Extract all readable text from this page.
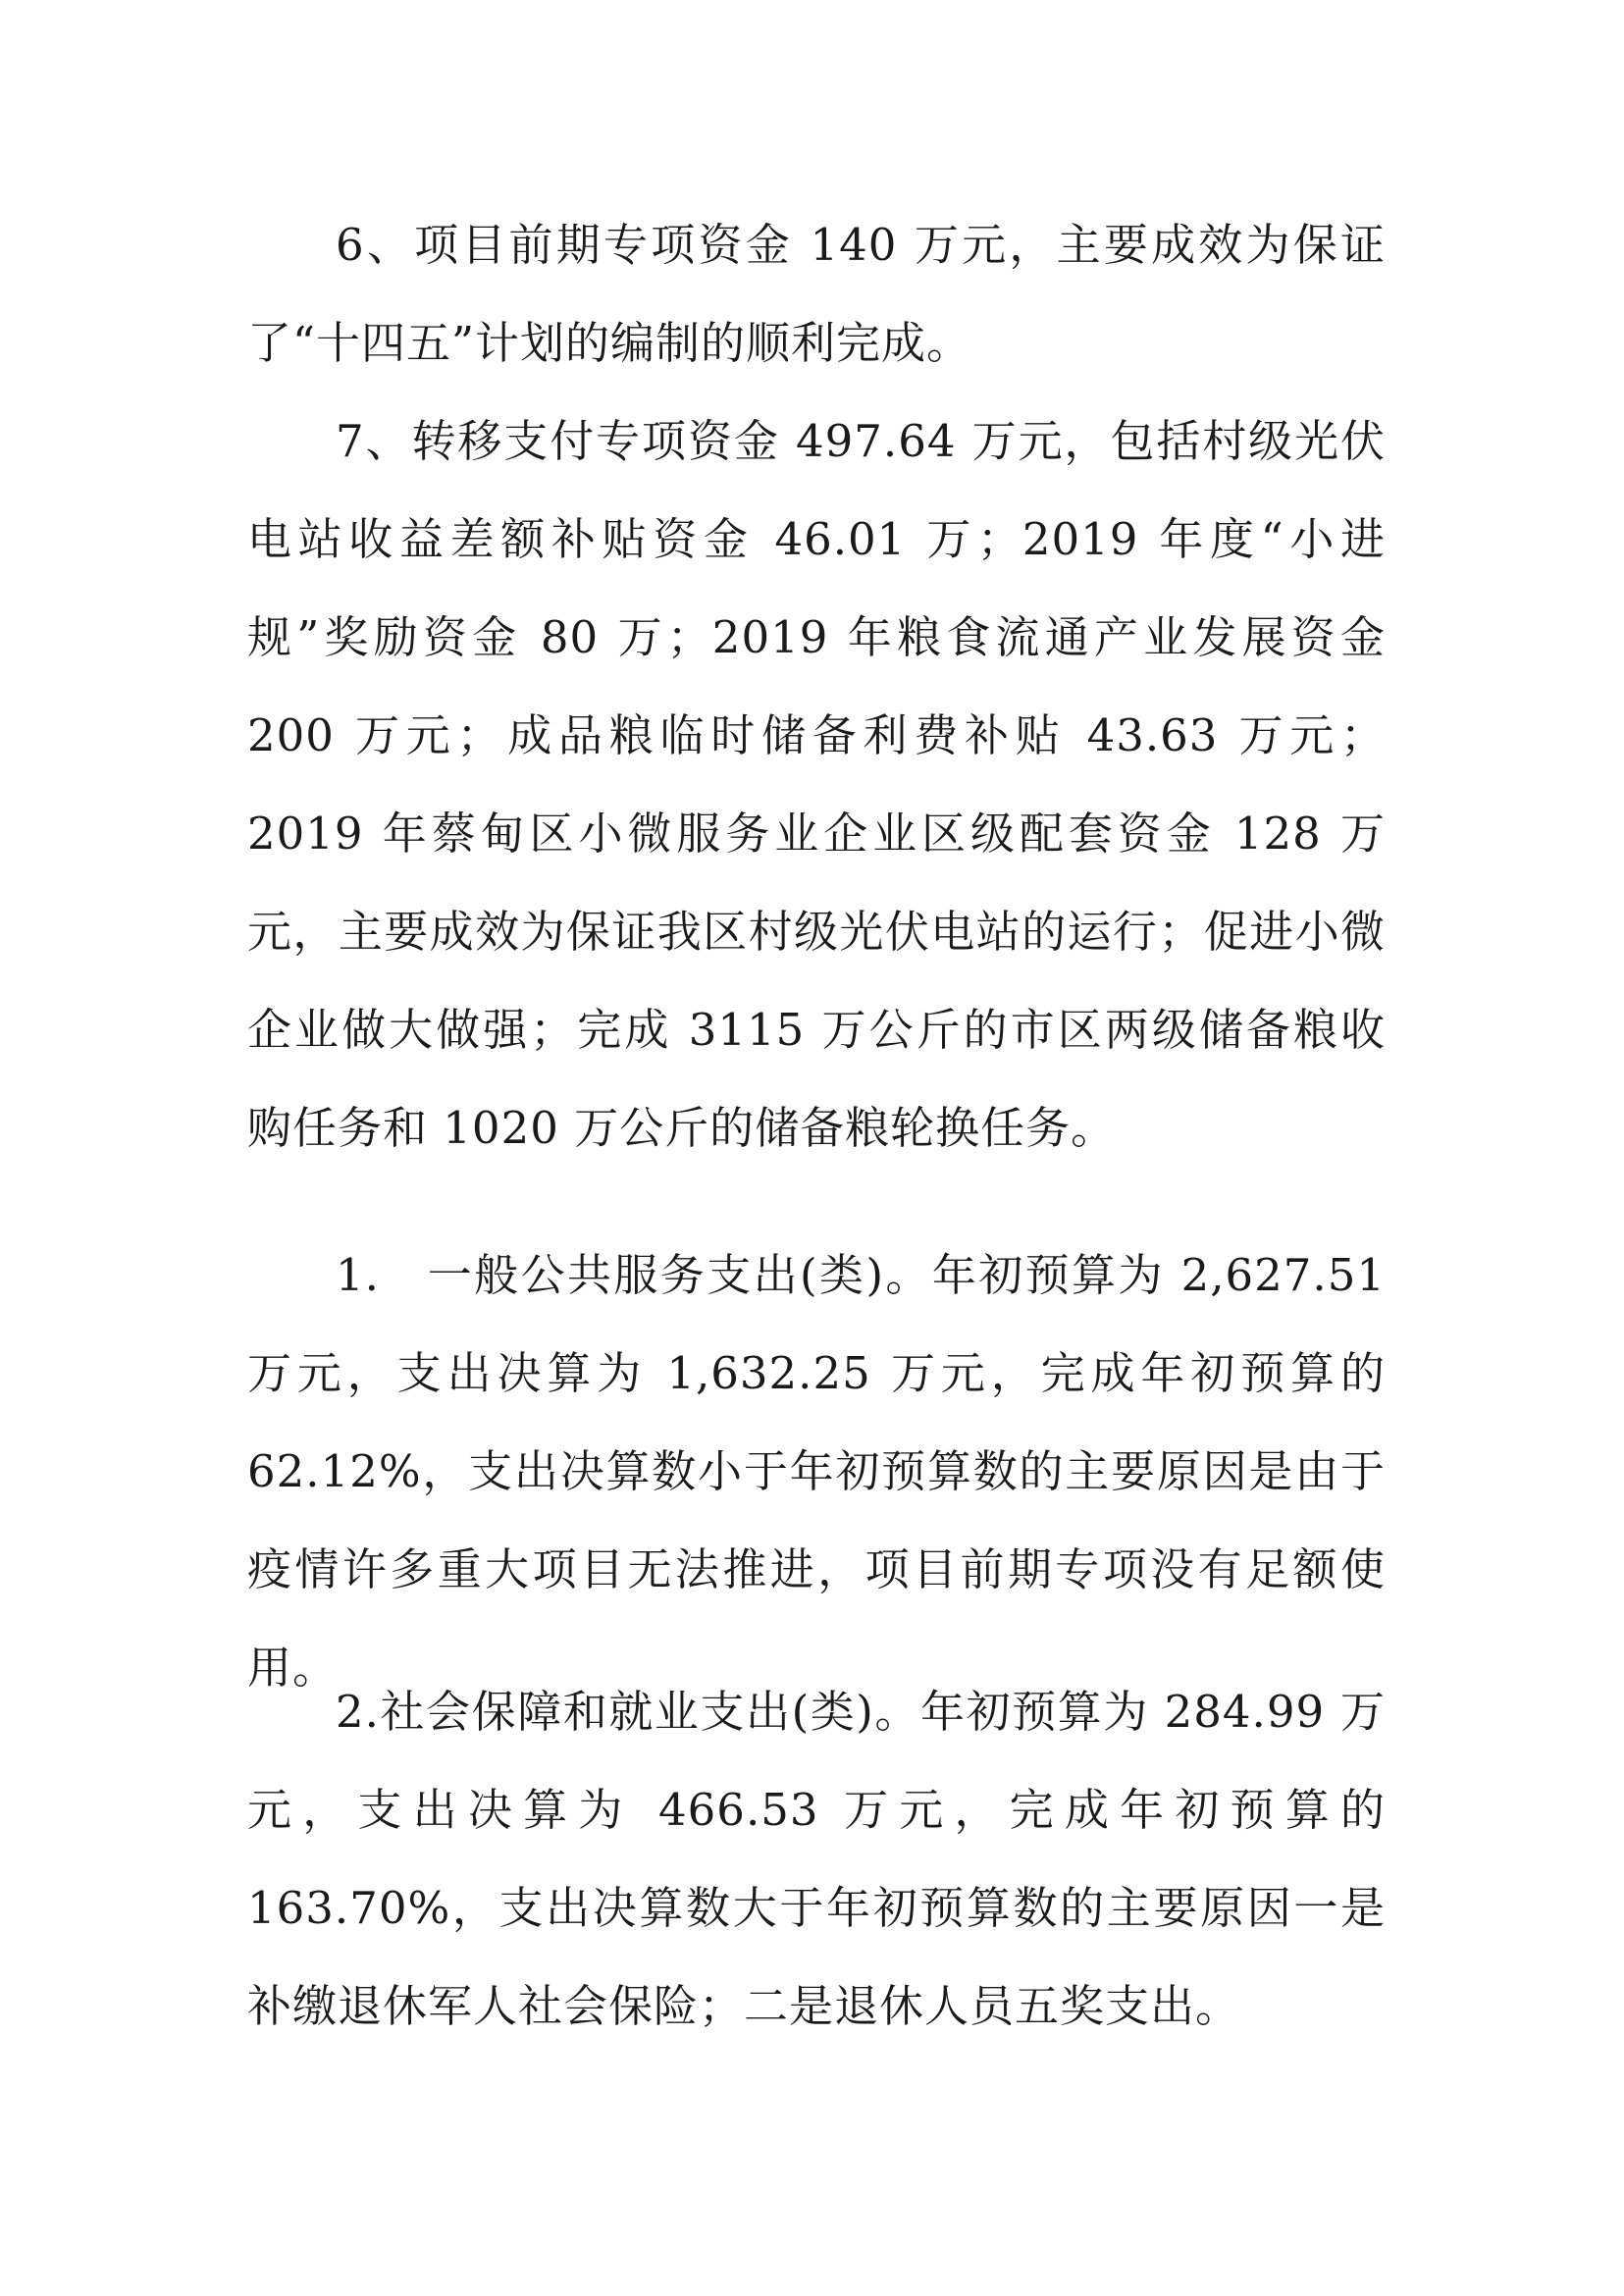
6、项目前期专项资金 140 万元，主要成效为保证了“十四五”计划的编制的顺利完成。

7、转移支付专项资金 497.64 万元，包括村级光伏电站收益差额补贴资金 46.01 万；2019 年度“小进规”奖励资金 80 万；2019 年粮食流通产业发展资金 200 万元；成品粮临时储备利费补贴 43.63 万元；2019 年蔡甸区小微服务业企业区级配套资金 128 万元，主要成效为保证我区村级光伏电站的运行；促进小微企业做大做强；完成 3115 万公斤的市区两级储备粮收购任务和 1020 万公斤的储备粮轮换任务。

1.　一般公共服务支出(类)。年初预算为 2,627.51 万元，支出决算为 1,632.25 万元，完成年初预算的 62.12%，支出决算数小于年初预算数的主要原因是由于疫情许多重大项目无法推进，项目前期专项没有足额使用。

2.社会保障和就业支出(类)。年初预算为 284.99 万元，支出决算为 466.53 万元，完成年初预算的 163.70%，支出决算数大于年初预算数的主要原因一是补缴退休军人社会保险；二是退休人员五奖支出。
